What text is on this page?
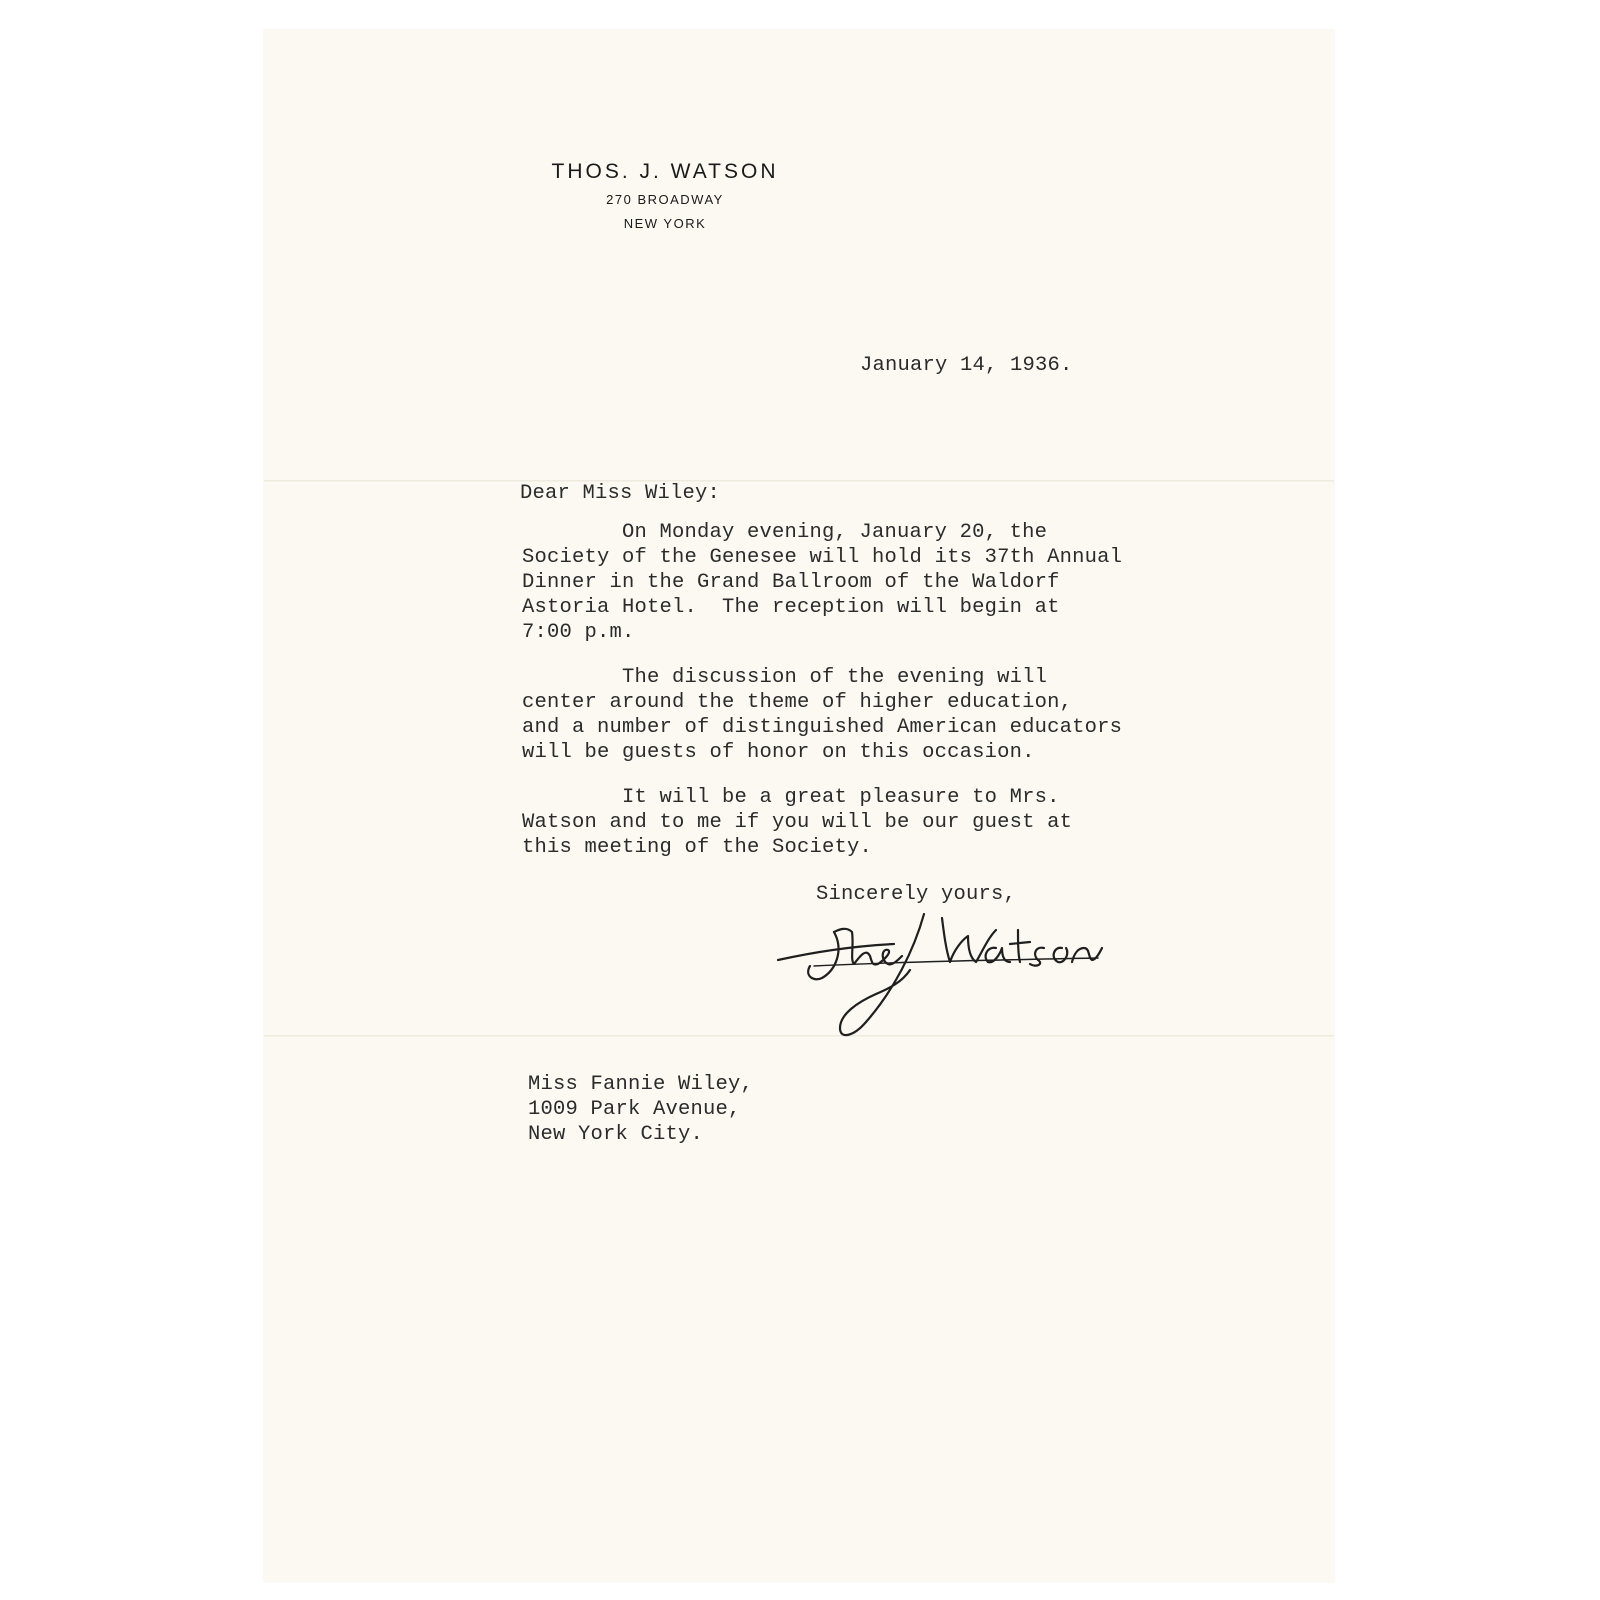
THOS. J. WATSON
270 BROADWAY
NEW YORK
January 14, 1936.
Dear Miss Wiley:
On Monday evening, January 20, the
Society of the Genesee will hold its 37th Annual
Dinner in the Grand Ballroom of the Waldorf
Astoria Hotel.  The reception will begin at
7:00 p.m.
The discussion of the evening will
center around the theme of higher education,
and a number of distinguished American educators
will be guests of honor on this occasion.
It will be a great pleasure to Mrs.
Watson and to me if you will be our guest at
this meeting of the Society.
Sincerely yours,
Miss Fannie Wiley,
1009 Park Avenue,
New York City.
